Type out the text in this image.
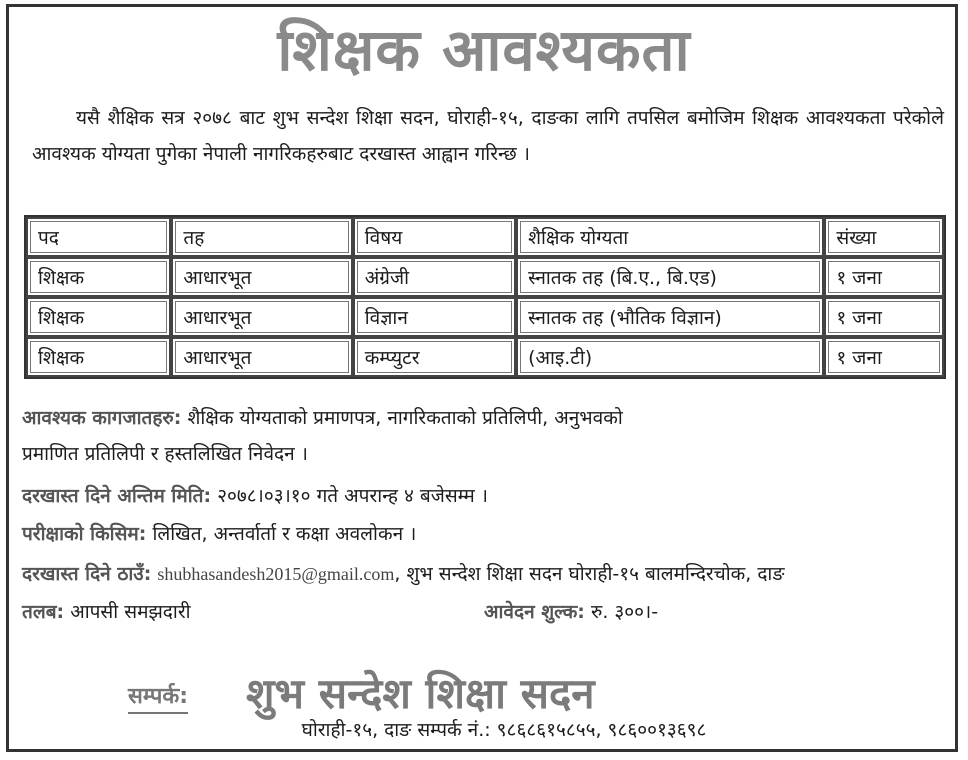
शिक्षक आवश्यकता
यसै शैक्षिक सत्र २०७८ बाट शुभ सन्देश शिक्षा सदन, घोराही-१५, दाङका लागि तपसिल बमोजिम शिक्षक आवश्यकता परेकोले आवश्यक योग्यता पुगेका नेपाली नागरिकहरुबाट दरखास्त आह्वान गरिन्छ ।
पद	तह	विषय	शैक्षिक योग्यता	संख्या
शिक्षक	आधारभूत	अंग्रेजी	स्नातक तह (बि.ए., बि.एड)	१ जना
शिक्षक	आधारभूत	विज्ञान	स्नातक तह (भौतिक विज्ञान)	१ जना
शिक्षक	आधारभूत	कम्प्युटर	(आइ.टी)	१ जना
आवश्यक कागजातहरु: शैक्षिक योग्यताको प्रमाणपत्र, नागरिकताको प्रतिलिपी, अनुभवको
प्रमाणित प्रतिलिपी र हस्तलिखित निवेदन ।
दरखास्त दिने अन्तिम मिति: २०७८।०३।१० गते अपरान्ह ४ बजेसम्म ।
परीक्षाको किसिम: लिखित, अन्तर्वार्ता र कक्षा अवलोकन ।
दरखास्त दिने ठाउँ: shubhasandesh2015@gmail.com, शुभ सन्देश शिक्षा सदन घोराही-१५ बालमन्दिरचोक, दाङ
तलब: आपसी समझदारी	आवेदन शुल्क: रु. ३००।-
सम्पर्क: शुभ सन्देश शिक्षा सदन
घोराही-१५, दाङ सम्पर्क नं.: ९८६८६१५८५५, ९८६००१३६९८
